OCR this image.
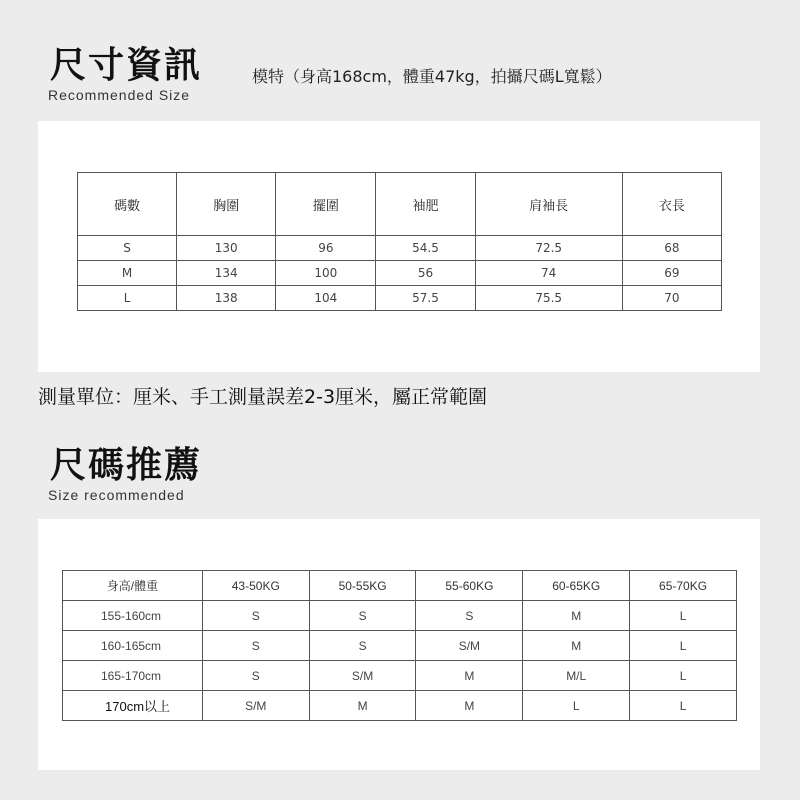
尺寸資訊
Recommended Size
模特（身高168cm，體重47kg，拍攝尺碼L寬鬆）
碼數	胸圍	擺圍	袖肥	肩袖長	衣長
S	130	96	54.5	72.5	68
M	134	100	56	74	69
L	138	104	57.5	75.5	70
測量單位：厘米、手工測量誤差2-3厘米，屬正常範圍
尺碼推薦
Size recommended
身高/體重	43-50KG	50-55KG	55-60KG	60-65KG	65-70KG
155-160cm	S	S	S	M	L
160-165cm	S	S	S/M	M	L
165-170cm	S	S/M	M	M/L	L
170cm以上	S/M	M	M	L	L
